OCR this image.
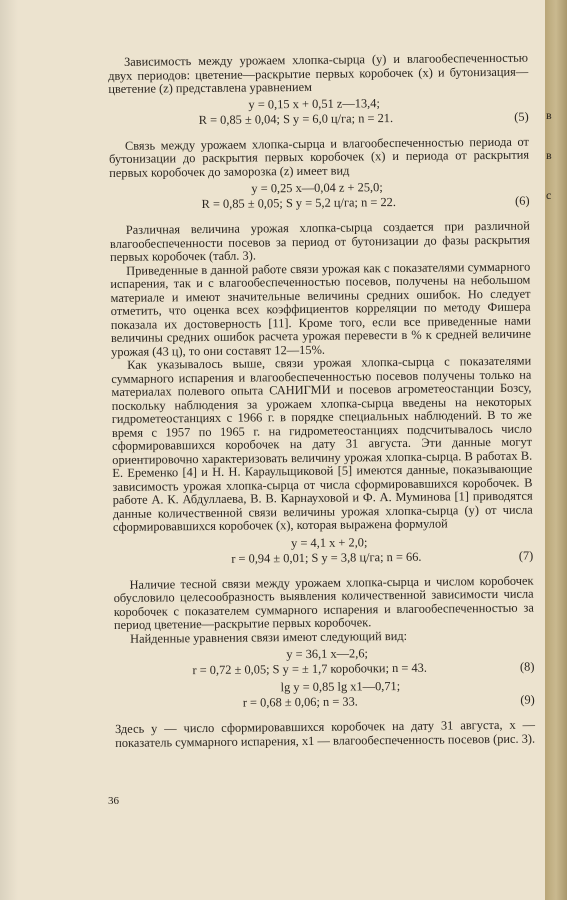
Зависимость между урожаем хлопка-сырца (y) и влагообеспеченностью двух периодов: цветение—раскрытие первых коробочек (x) и бутонизация—цветение (z) представлена уравнением

y = 0,15 x + 0,51 z—13,4;
R = 0,85 ± 0,04; S y = 6,0 ц/га; n = 21.	(5)

Связь между урожаем хлопка-сырца и влагообеспеченностью периода от бутонизации до раскрытия первых коробочек (x) и периода от раскрытия первых коробочек до заморозка (z) имеет вид

y = 0,25 x—0,04 z + 25,0;
R = 0,85 ± 0,05; S y = 5,2 ц/га; n = 22.	(6)

Различная величина урожая хлопка-сырца создается при различной влагообеспеченности посевов за период от бутонизации до фазы раскрытия первых коробочек (табл. 3).

Приведенные в данной работе связи урожая как с показателями суммарного испарения, так и с влагообеспеченностью посевов, получены на небольшом материале и имеют значительные величины средних ошибок. Но следует отметить, что оценка всех коэффициентов корреляции по методу Фишера показала их достоверность [11]. Кроме того, если все приведенные нами величины средних ошибок расчета урожая перевести в % к средней величине урожая (43 ц), то они составят 12—15%.

Как указывалось выше, связи урожая хлопка-сырца с показателями суммарного испарения и влагообеспеченностью посевов получены только на материалах полевого опыта САНИГМИ и посевов агрометеостанции Бозсу, поскольку наблюдения за урожаем хлопка-сырца введены на некоторых гидрометеостанциях с 1966 г. в порядке специальных наблюдений. В то же время с 1957 по 1965 г. на гидрометеостанциях подсчитывалось число сформировавшихся коробочек на дату 31 августа. Эти данные могут ориентировочно характеризовать величину урожая хлопка-сырца. В работах В. Е. Еременко [4] и Н. Н. Караульщиковой [5] имеются данные, показывающие зависимость урожая хлопка-сырца от числа сформировавшихся коробочек. В работе А. К. Абдуллаева, В. В. Карнауховой и Ф. А. Муминова [1] приводятся данные количественной связи величины урожая хлопка-сырца (y) от числа сформировавшихся коробочек (x), которая выражена формулой

y = 4,1 x + 2,0;
r = 0,94 ± 0,01; S y = 3,8 ц/га; n = 66.	(7)

Наличие тесной связи между урожаем хлопка-сырца и числом коробочек обусловило целесообразность выявления количественной зависимости числа коробочек с показателем суммарного испарения и влагообеспеченностью за период цветение—раскрытие первых коробочек.

Найденные уравнения связи имеют следующий вид:

y = 36,1 x—2,6;
r = 0,72 ± 0,05; S y = ± 1,7 коробочки; n = 43.	(8)
lg y = 0,85 lg x1—0,71;
r = 0,68 ± 0,06; n = 33.	(9)

Здесь y — число сформировавшихся коробочек на дату 31 августа, x — показатель суммарного испарения, x1 — влагообеспеченность посевов (рис. 3).

36
в
в
с
